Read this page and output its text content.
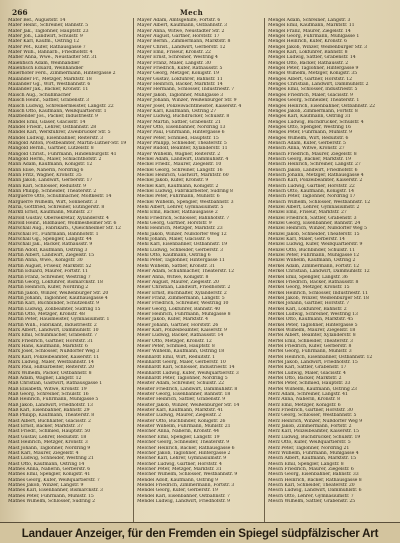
266	Mech
Mäfer Bef., Auguststr. 14
Mäfer Heinr., Schreiner, Bahnstr. 5
Mäfer Jak., Taglöhner, Hauptstr. 23
Mäfer Joh., Landwirt, Schulstr. 9
Mäfer Karl, Kaufm., Ostring 12
Mäfer Pet., Küfer, Rathausgasse 7
Mäfer Wilh., Bahnarb., Friedhofstr. 4
Mäfler Anna, Wwe., Neustadter Str. 31
Maienfisch Adam, Weinhändler
Maienfisch Eduard, Weinhändler
Maierhöfer Ferd., Zimmermann, Hintergasse 2
Mailänder Fr., Metzger, Marktstr. 18
Mailänder Gg., Wirt, Westbahnstr. 6
Mailänder Jak., Bäcker, Kronstr. 11
Maisch Aug., Schuhmacher
Maisch Heinr., Sattler, Grabenstr. 3
Maisch Ludwig, Schreinermeister, Langstr. 22
Maisch Otto, Kaufmann, Weißquartierstr. 1
Malzbender Jos., Packer, Industriestr. 9
Mandel Emil, Glaser, Glacisstr. 14
Mandel Friedr., Lehrer, Ostbahnstr. 28
Mandel Karl, Werkführer, Zweibrücker Str. 5
Mandel Ludwig, Eisenbahner, Reiterstr. 3
Mangold Anton, Postbeamter, Martin-Luther-Str. 19
Mangold Bernh., Gärtner, Lützelstr. 8
Mangold Christ., Fuhrmann, Hindenburgstr. 41
Mangold Herm., Maler, Schlachthofstr. 2
Mann Adam, Kaufmann, Königstr. 12
Mann Elise, Näherin, Nordring 6
Mann Fritz, Wagner, Kronstr. 35
Mann Jakob, Landwirt, Gerberstr. 17
Mann Karl, Schlosser, Reduitstr. 9
Mann Philipp, Schneider, Theaterstr. 2
Marguerre Otto, Schuhmacher, Moltkestr. 14
Marguerre Wilhelm, Wirt, Sonnenstr. 3
Maria, Gottfried, Schreiner, Eutingerstr. 8
Marktl Ernst, Kaufmann, Mühlstr. 27
Marold Gustav, Obersekretär, Xylanderstr. 4
Marold Heinr., Bildhauer, Wollmesheimer Str. 6
Marschall Aug., Fabrikarb., Queichheimer Str. 12
Marschall Fr., Fuhrmann, Bahnhofstr. 1
Marschall Gg., Spengler, Langstr. 44
Marschall Jak., Bäcker, Rathausstr. 9
Martin Adolf, Kaufmann, Ostring 3
Martin Albert, Landwirt, Ziegelstr. 15
Martin Anna, Wwe., Königstr. 30
Martin August, Friseur, Marktstr. 52
Martin Eduard, Maurer, Fortstr. 11
Martin Franz, Schreiner, Westring 7
Martin Georg, Lokführer, Bismarckstr. 18
Martin Heinrich, Küfer, Nordring 2
Martin Jakob, Winzer, Weißenburger Str. 20
Martin Johann, Taglöhner, Kaufhausgasse 4
Martin Karl, Buchbinder, Schützenstr. 9
Martin Ludwig, Zollbeamter, Südring 15
Martin Otto, Metzger, Kronstr. 48
Martin Peter, Hausmeister, Gymnasiumstr. 1
Martin Wilh., Fabrikant, Industriestr. 2
Marx Albert, Landwirt, Dammühlstr. 10
Marx Emil, Schuhmacher, Grabenstr. 7
Marx Friedrich, Gärtner, Horststr. 31
Marx Hans, Kaufmann, Marktstr. 6
Marx Josef, Schlosser, Nußdorfer Weg 3
Marx Karl, Polizeibeamter, Kaiserstr. 11
Marx Ludwig, Maler, Westbahnstr. 14
Marx Paul, Hilfsarbeiter, Reiterstr. 20
Marx Wilhelm, Packer, Ostbahnstr. 8
Maß Adam, Wagner, Langstr. 12
Maß Christian, Gastwirt, Rathausgasse 1
Maß Elisabeth, Witwe, Kronstr. 19
Maß Georg, Schreiner, Schulstr. 16
Maß Heinrich, Fuhrmann, Mühlgasse 5
Maß Jakob, Landwirt, Friedhofstr. 13
Maß Karl, Eisenbahner, Bahnstr. 29
Maß Philipp, Kaufmann, Theaterstr. 8
Mast Albert, Buchhalter, Glacisstr. 2
Mast Ernst, Bäcker, Marktstr. 37
Mast Friedr., Schmied, Hauptstr. 50
Mast Gustav, Lehrer, Reduitstr. 18
Mast Heinrich, Metzger, Kronstr. 3
Mast Johann, Taglöhner, Nordring 9
Mast Karl, Maurer, Ziegelstr. 4
Mast Ludwig, Schneider, Westring 21
Mast Otto, Kaufmann, Ostring 14
Mathes Anna, Näherin, Gerberstr. 6
Mathes Emil, Spengler, Königstr. 41
Mathes Georg, Küfer, Weißquartierstr. 7
Mathes Jakob, Winzer, Langstr. 9
Mathes Karl, Eisenbahner, Bismarckstr. 3
Mathes Peter, Fuhrmann, Mühlstr. 15
Mathes Wilhelm, Schlosser, Südring 2
Mayer Adam, Amtsgehilfe, Fortstr. 6
Mayer Albert, Kaufmann, Ostbahnstr. 3
Mayer Anna, Witwe, Neustadter Str. 2
Mayer August, Gärtner, Horststr. 17
Mayer Bernh., Zimmermann, Marktstr. 8
Mayer Christ., Landwirt, Gerberstr. 12
Mayer Emil, Friseur, Kronstr. 22
Mayer Ernst, Schreiner, Westring 4
Mayer Franz, Maler, Langstr. 30
Mayer Friedrich, Küfer, Rathausstr. 5
Mayer Georg, Metzger, Königstr. 19
Mayer Gustav, Lokführer, Bahnstr. 11
Mayer Heinrich, Bäcker, Marktstr. 14
Mayer Hermann, Schlosser, Industriestr. 7
Mayer Jakob, Taglöhner, Mühlgasse 3
Mayer Johann, Winzer, Weißenburger Str. 9
Mayer Josef, Polizeiwachtmeister, Kaiserstr. 4
Mayer Karl, Kaufmann, Ostring 27
Mayer Ludwig, Buchdrucker, Schulstr. 8
Mayer Martin, Sattler, Grabenstr. 21
Mayer Otto, Eisenbahner, Nordring 13
Mayer Paul, Fuhrmann, Hintergasse 6
Mayer Peter, Schmied, Hauptstr. 15
Mayer Philipp, Schneider, Theaterstr. 5
Mayer Rudolf, Beamter, Xylanderstr. 11
Mayer Wilhelm, Wagner, Reiterstr. 2
Meckel Adam, Landwirt, Dammühlstr. 4
Meckel Friedr., Maurer, Ziegelstr. 10
Meckel Georg, Schreiner, Langstr. 16
Meckel Heinrich, Gastwirt, Marktstr. 60
Meckel Jakob, Küfer, Kronstr. 9
Meckel Karl, Kaufmann, Königstr. 2
Meckel Ludwig, Fabrikarbeiter, Südring 8
Meckel Peter, Fuhrmann, Mühlstr. 6
Meckel Wilhelm, Spengler, Westbahnstr. 3
Mehl Albert, Lehrer, Gymnasiumstr. 5
Mehl Emil, Bäcker, Rathausgasse 2
Mehl Friedrich, Schlosser, Bahnhofstr. 7
Mehl Georg, Gärtner, Horststr. 9
Mehl Heinrich, Metzger, Marktstr. 23
Mehl Jakob, Winzer, Nußdorfer Weg 12
Mehl Johann, Maler, Glacisstr. 6
Mehl Karl, Eisenbahner, Ostbahnstr. 19
Mehl Ludwig, Schneider, Gerberstr. 3
Mehl Otto, Kaufmann, Ostring 6
Mehl Peter, Taglöhner, Hintergasse 11
Mehl Wilhelm, Sattler, Kronstr. 31
Meier Adam, Schuhmacher, Theaterstr. 12
Meier Anna, Witwe, Königstr. 8
Meier August, Maurer, Ziegelstr. 20
Meier Christian, Landwirt, Friedhofstr. 2
Meier Ernst, Buchhalter, Xylanderstr. 2
Meier Franz, Zimmermann, Langstr. 5
Meier Friedrich, Schreiner, Westring 10
Meier Georg, Lokführer, Bahnstr. 40
Meier Heinrich, Fuhrmann, Mühlgasse 8
Meier Jakob, Küfer, Marktstr. 4
Meier Johann, Gärtner, Horststr. 26
Meier Karl, Polizeibeamter, Kaiserstr. 9
Meier Ludwig, Bäcker, Rathausstr. 14
Meier Otto, Metzger, Kronstr. 12
Meier Peter, Schmied, Hauptstr. 8
Meier Wilhelm, Kaufmann, Ostring 18
Meinhardt Emil, Wirt, Reduitstr. 1
Meinhardt Georg, Maler, Gerberstr. 10
Meinhardt Karl, Schlosser, Industriestr. 14
Meinhardt Ludwig, Küfer, Weißquartierstr. 3
Meinhardt Peter, Taglöhner, Nordring 5
Meister Adam, Schreiner, Schulstr. 22
Meister Friedrich, Landwirt, Dammühlstr. 8
Meister Georg, Eisenbahner, Bahnstr. 18
Meister Heinrich, Sattler, Grabenstr. 9
Meister Jakob, Winzer, Weißenburger Str. 14
Meister Karl, Kaufmann, Marktstr. 41
Meister Ludwig, Maurer, Ziegelstr. 2
Meister Otto, Buchbinder, Königstr. 26
Meister Wilhelm, Fuhrmann, Mühlstr. 21
Melcher Anna, Näherin, Kronstr. 44
Melcher Emil, Spengler, Langstr. 19
Melcher Georg, Schneider, Theaterstr. 9
Melcher Heinrich, Bäcker, Rathausgasse 6
Melcher Jakob, Taglöhner, Hintergasse 2
Melcher Karl, Lehrer, Gymnasiumstr. 9
Melcher Ludwig, Gärtner, Horststr. 4
Melcher Peter, Metzger, Marktstr. 31
Melcher Wilhelm, Schlosser, Westbahnstr. 9
Mendel Adolf, Kaufmann, Ostring 9
Mendel Friedrich, Zimmermann, Fortstr. 3
Mendel Georg, Küfer, Gerberstr. 19
Mendel Karl, Eisenbahner, Ostbahnstr. 7
Mendel Ludwig, Landwirt, Friedhofstr. 9
Mengel Adam, Schreiner, Langstr. 3
Mengel Emil, Kaufmann, Marktstr. 11
Mengel Franz, Maurer, Ziegelstr. 14
Mengel Georg, Fuhrmann, Mühlgasse 1
Mengel Heinrich, Küfer, Kronstr. 6
Mengel Jakob, Winzer, Weißenburger Str. 3
Mengel Karl, Lokführer, Bahnstr. 8
Mengel Ludwig, Sattler, Grabenstr. 14
Mengel Otto, Bäcker, Rathausstr. 2
Mengel Peter, Taglöhner, Hintergasse 9
Mengel Wilhelm, Metzger, Königstr. 35
Menges Albert, Gärtner, Horststr. 12
Menges Christian, Landwirt, Dammühlstr. 2
Menges Emil, Schlosser, Industriestr. 5
Menges Friedrich, Maler, Glacisstr. 9
Menges Georg, Schneider, Theaterstr. 1
Menges Heinrich, Eisenbahner, Ostbahnstr. 22
Menges Jakob, Zimmermann, Fortstr. 8
Menges Karl, Kaufmann, Ostring 31
Menges Ludwig, Buchdrucker, Schulstr. 4
Menges Otto, Spengler, Westring 16
Menges Peter, Fuhrmann, Mühlstr. 9
Menges Wilhelm, Wirt, Reduitstr. 6
Mensch Adam, Küfer, Gerberstr. 5
Mensch Anna, Witwe, Kronstr. 27
Mensch Friedrich, Maurer, Ziegelstr. 8
Mensch Georg, Bäcker, Marktstr. 19
Mensch Heinrich, Schreiner, Langstr. 27
Mensch Jakob, Landwirt, Friedhofstr. 6
Mensch Johann, Metzger, Rathausgasse 4
Mensch Karl, Polizeibeamter, Kaiserstr. 2
Mensch Ludwig, Gärtner, Horststr. 22
Mensch Otto, Kaufmann, Königstr. 14
Mensch Peter, Taglöhner, Nordring 17
Mensch Wilhelm, Schlosser, Westbahnstr. 12
Menzel Albert, Lehrer, Gymnasiumstr. 2
Menzel Emil, Friseur, Marktstr. 27
Menzel Friedrich, Sattler, Grabenstr. 3
Menzel Georg, Eisenbahner, Bahnstr. 24
Menzel Heinrich, Winzer, Nußdorfer Weg 5
Menzel Jakob, Schneider, Theaterstr. 15
Menzel Karl, Maler, Gerberstr. 14
Menzel Ludwig, Küfer, Weißquartierstr. 9
Menzel Otto, Buchbinder, Schulstr. 11
Menzel Peter, Fuhrmann, Mühlgasse 12
Menzel Wilhelm, Kaufmann, Ostring 2
Merkel Adam, Zimmermann, Fortstr. 12
Merkel Christian, Landwirt, Dammühlstr. 12
Merkel Emil, Spengler, Langstr. 36
Merkel Friedrich, Bäcker, Rathausstr. 8
Merkel Georg, Metzger, Kronstr. 15
Merkel Heinrich, Schlosser, Industriestr. 11
Merkel Jakob, Winzer, Weißenburger Str. 18
Merkel Johann, Gärtner, Horststr. 7
Merkel Karl, Lokführer, Bahnstr. 2
Merkel Ludwig, Schreiner, Westring 13
Merkel Otto, Kaufmann, Marktstr. 45
Merkel Peter, Taglöhner, Hintergasse 5
Merkel Wilhelm, Maurer, Ziegelstr. 18
Mertel Albert, Beamter, Xylanderstr. 8
Mertel Emil, Schneider, Theaterstr. 3
Mertel Friedrich, Küfer, Gerberstr. 8
Mertel Georg, Fuhrmann, Mühlstr. 3
Mertel Heinrich, Eisenbahner, Ostbahnstr. 12
Mertel Jakob, Landwirt, Friedhofstr. 15
Mertel Karl, Sattler, Grabenstr. 17
Mertel Ludwig, Maler, Glacisstr. 4
Mertel Otto, Bäcker, Marktstr. 2
Mertel Peter, Schmied, Hauptstr. 33
Mertel Wilhelm, Kaufmann, Ostring 23
Merz Adam, Schreiner, Langstr. 41
Merz Anna, Näherin, Kronstr. 8
Merz Emil, Metzger, Königstr. 6
Merz Friedrich, Gärtner, Horststr. 30
Merz Georg, Schlosser, Westbahnstr. 5
Merz Heinrich, Winzer, Nußdorfer Weg 9
Merz Jakob, Zimmermann, Fortstr. 2
Merz Karl, Polizeibeamter, Kaiserstr. 15
Merz Ludwig, Buchdrucker, Schulstr. 19
Merz Otto, Küfer, Weißquartierstr. 5
Merz Peter, Taglöhner, Nordring 21
Merz Wilhelm, Fuhrmann, Mühlgasse 4
Mesch Albert, Kaufmann, Marktstr. 15
Mesch Emil, Spengler, Langstr. 8
Mesch Friedrich, Maurer, Ziegelstr. 6
Mesch Georg, Eisenbahner, Bahnstr. 33
Mesch Heinrich, Bäcker, Rathausgasse 8
Mesch Karl, Schneider, Theaterstr. 20
Mesch Ludwig, Landwirt, Dammühlstr. 6
Mesch Otto, Lehrer, Gymnasiumstr. 7
Mesch Wilhelm, Sattler, Grabenstr. 25
Landauer Anzeiger, für den Fremden ein Spiegel südpfälzischer Art
